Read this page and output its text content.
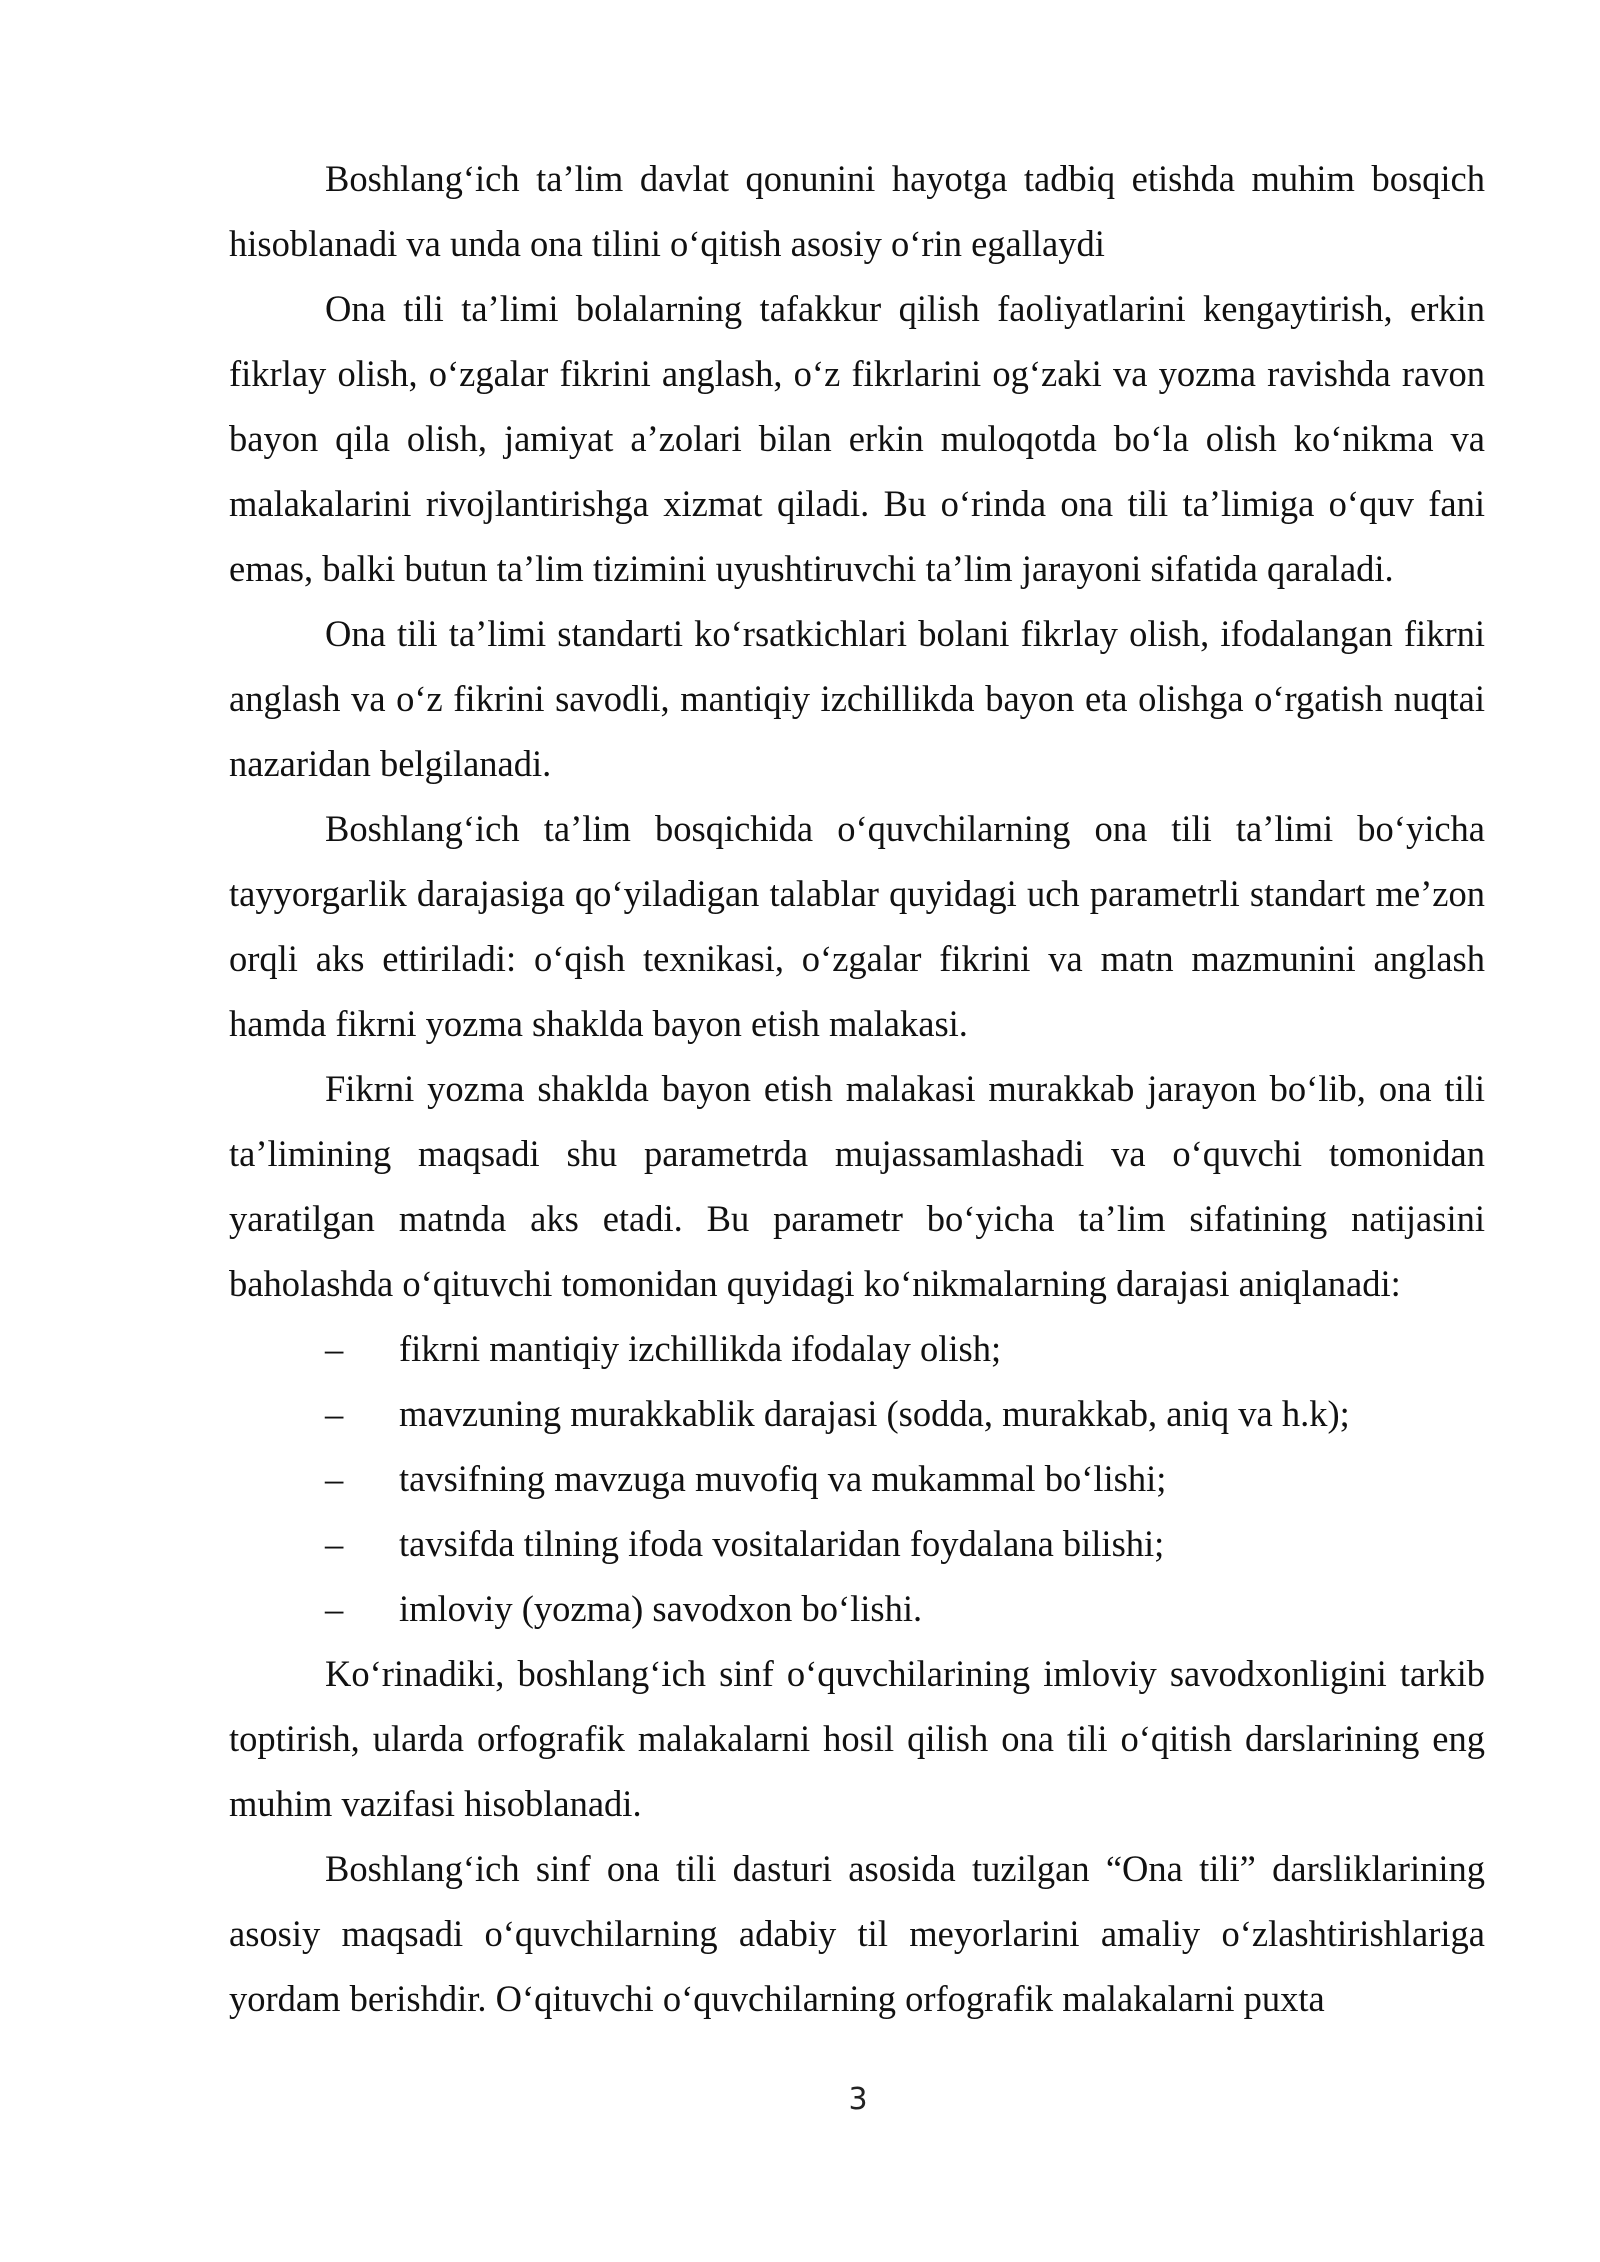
Boshlang‘ich ta’lim davlat qonunini hayotga tadbiq etishda muhim bosqich hisoblanadi va unda ona tilini o‘qitish asosiy o‘rin egallaydi

Ona tili ta’limi bolalarning tafakkur qilish faoliyatlarini kengaytirish, erkin fikrlay olish, o‘zgalar fikrini anglash, o‘z fikrlarini og‘zaki va yozma ravishda ravon bayon qila olish, jamiyat a’zolari bilan erkin muloqotda bo‘la olish ko‘nikma va malakalarini rivojlantirishga xizmat qiladi. Bu o‘rinda ona tili ta’limiga o‘quv fani emas, balki butun ta’lim tizimini uyushtiruvchi ta’lim jarayoni sifatida qaraladi.

Ona tili ta’limi standarti ko‘rsatkichlari bolani fikrlay olish, ifodalangan fikrni anglash va o‘z fikrini savodli, mantiqiy izchillikda bayon eta olishga o‘rgatish nuqtai nazaridan belgilanadi.

Boshlang‘ich ta’lim bosqichida o‘quvchilarning ona tili ta’limi bo‘yicha tayyorgarlik darajasiga qo‘yiladigan talablar quyidagi uch parametrli standart me’zon orqli aks ettiriladi: o‘qish texnikasi, o‘zgalar fikrini va matn mazmunini anglash hamda fikrni yozma shaklda bayon etish malakasi.

Fikrni yozma shaklda bayon etish malakasi murakkab jarayon bo‘lib, ona tili ta’limining maqsadi shu parametrda mujassamlashadi va o‘quvchi tomonidan yaratilgan matnda aks etadi. Bu parametr bo‘yicha ta’lim sifatining natijasini baholashda o‘qituvchi tomonidan quyidagi ko‘nikmalarning darajasi aniqlanadi:

– fikrni mantiqiy izchillikda ifodalay olish;
– mavzuning murakkablik darajasi (sodda, murakkab, aniq va h.k);
– tavsifning mavzuga muvofiq va mukammal bo‘lishi;
– tavsifda tilning ifoda vositalaridan foydalana bilishi;
– imloviy (yozma) savodxon bo‘lishi.

Ko‘rinadiki, boshlang‘ich sinf o‘quvchilarining imloviy savodxonligini tarkib toptirish, ularda orfografik malakalarni hosil qilish ona tili o‘qitish darslarining eng muhim vazifasi hisoblanadi.

Boshlang‘ich sinf ona tili dasturi asosida tuzilgan “Ona tili” darsliklarining asosiy maqsadi o‘quvchilarning adabiy til meyorlarini amaliy o‘zlashtirishlariga yordam berishdir. O‘qituvchi o‘quvchilarning orfografik malakalarni puxta

3
